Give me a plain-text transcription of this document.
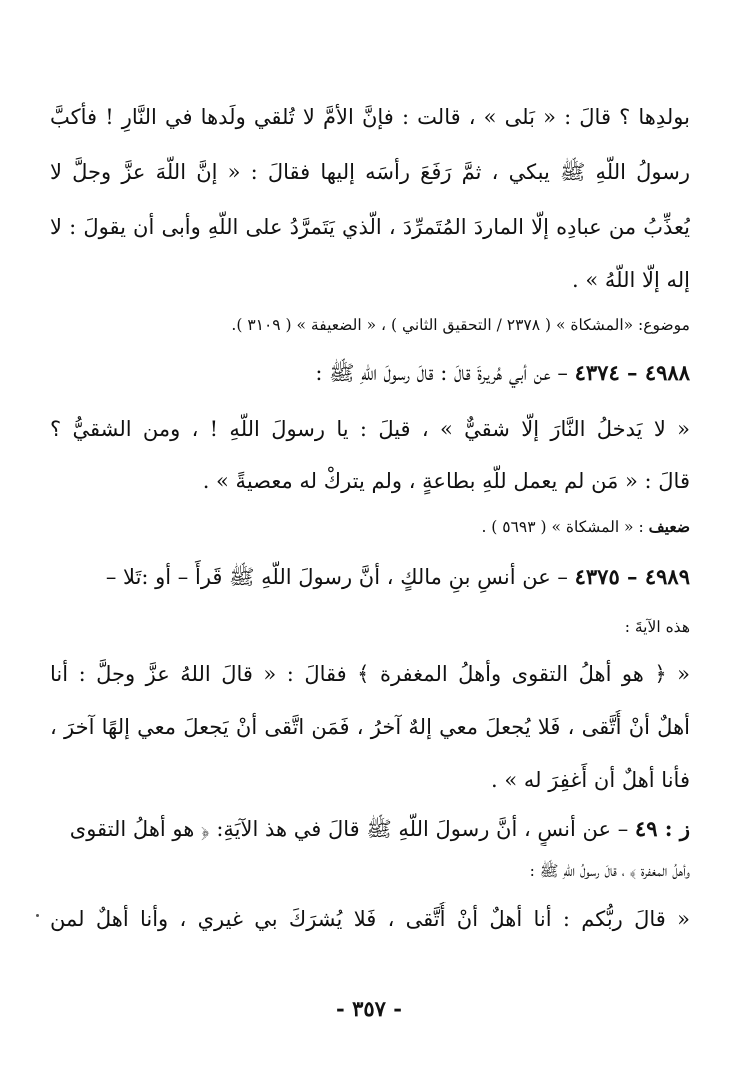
بولدِها ؟ قالَ : « بَلى » ، قالت : فإنَّ الأمَّ لا تُلقي ولَدها في النَّارِ ! فأكبَّ
رسولُ اللّهِ ﷺ يبكي ، ثمَّ رَفَعَ رأسَه إليها فقالَ : « إنَّ اللّهَ عزَّ وجلَّ لا
يُعذِّبُ من عبادِه إلّا الماردَ المُتَمرِّدَ ، الّذي يَتَمرَّدُ على اللّهِ وأبى أن يقولَ : لا
إله إلّا اللّهُ » .
موضوع: «المشكاة » ( ٢٣٧٨ / التحقيق الثاني ) ، « الضعيفة » ( ٣١٠٩ ).
٤٩٨٨ – ٤٣٧٤ – عن أبي هُريرةَ قالَ : قالَ رسولَ اللّهِ ﷺ :
« لا يَدخلُ النَّارَ إلّا شقيٌّ » ، قيلَ : يا رسولَ اللّهِ ! ، ومن الشقيُّ ؟
قالَ : « مَن لم يعمل للّهِ بطاعةٍ ، ولم يتركْ له معصيةً » .
ضعيف : « المشكاة » ( ٥٦٩٣ ) .
٤٩٨٩ – ٤٣٧٥ – عن أنسِ بنِ مالكٍ ، أنَّ رسولَ اللّهِ ﷺ قَرأَ – أو :تَلا –
هذه الآيةَ :
« ﴿ هو أهلُ التقوى وأهلُ المغفرة ﴾ فقالَ : « قالَ اللهُ عزَّ وجلَّ : أنا
أهلٌ أنْ أُتَّقى ، فَلا يُجعلَ معي إلهٌ آخرُ ، فَمَن اتَّقى أنْ يَجعلَ معي إلهًا آخرَ ،
فأنا أهلٌ أن أَغفِرَ له » .
ز : ٤٩ – عن أنسٍ ، أنَّ رسولَ اللّهِ ﷺ قالَ في هذ الآيَةِ: ﴿ هو أهلُ التقوى
وأهلُ المغفرة ﴾ ، قالَ رسولُ اللّهِ ﷺ :
« قالَ ربُّكم : أنا أهلٌ أنْ أُتَّقى ، فَلا يُشرَكَ بي غيري ، وأنا أهلٌ لمن
- ٣٥٧ -
